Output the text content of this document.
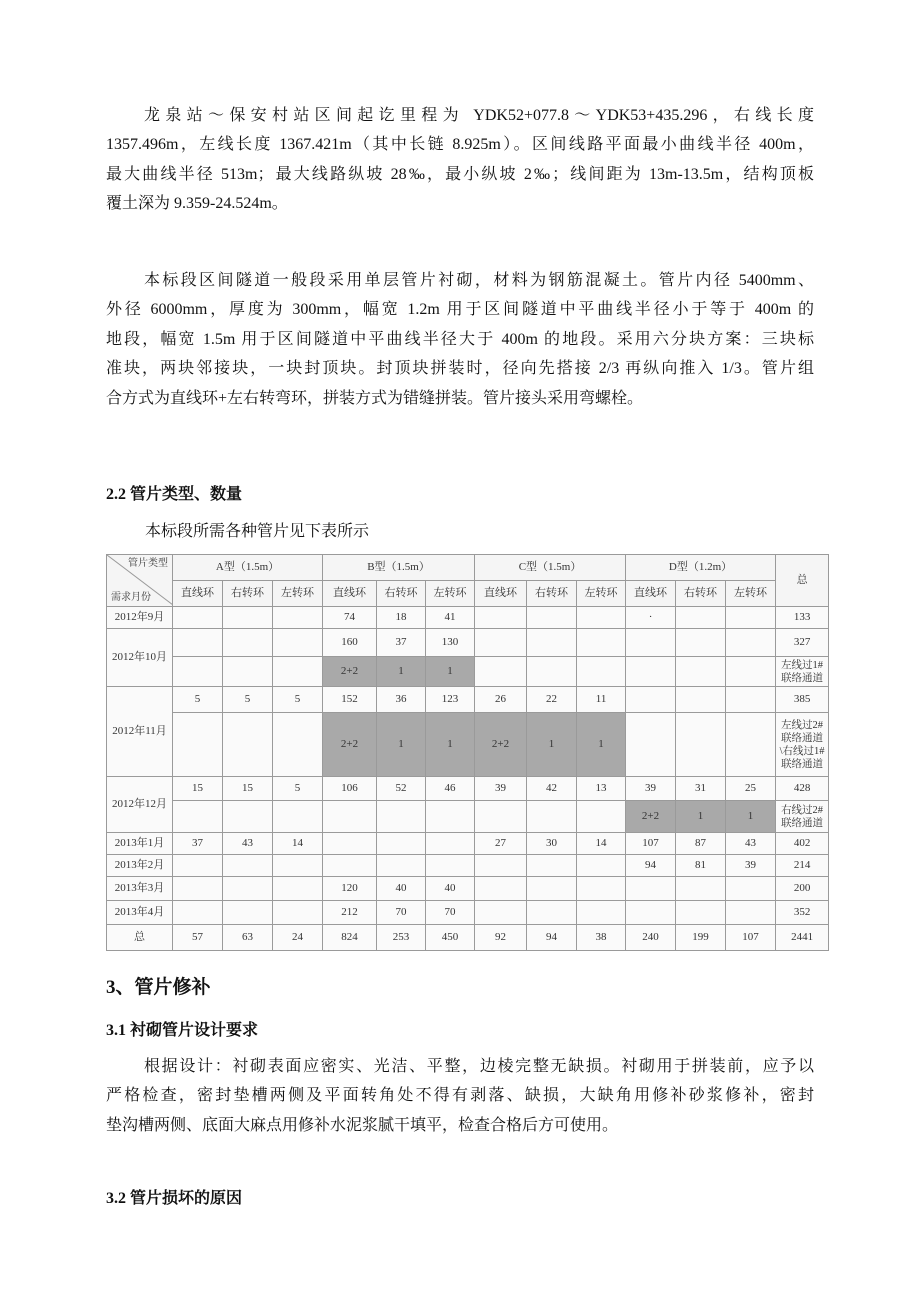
龙泉站～保安村站区间起讫里程为 YDK52+077.8～YDK53+435.296，右线长度
1357.496m，左线长度 1367.421m（其中长链 8.925m）。区间线路平面最小曲线半径 400m，
最大曲线半径 513m；最大线路纵坡 28‰，最小纵坡 2‰；线间距为 13m-13.5m，结构顶板
覆土深为 9.359-24.524m。
本标段区间隧道一般段采用单层管片衬砌，材料为钢筋混凝土。管片内径 5400mm、
外径 6000mm，厚度为 300mm，幅宽 1.2m 用于区间隧道中平曲线半径小于等于 400m 的
地段，幅宽 1.5m 用于区间隧道中平曲线半径大于 400m 的地段。采用六分块方案：三块标
准块，两块邻接块，一块封顶块。封顶块拼装时，径向先搭接 2/3 再纵向推入 1/3。管片组
合方式为直线环+左右转弯环，拼装方式为错缝拼装。管片接头采用弯螺栓。

2.2 管片类型、数量

本标段所需各种管片见下表所示

管片类型
需求月份	A型（1.5m）			B型（1.5m）			C型（1.5m）			D型（1.2m）			总
	直线环	右转环	左转环	直线环	右转环	左转环	直线环	右转环	左转环	直线环	右转环	左转环	
2012年9月				74	18	41				·			133
2012年10月				160	37	130							327
				2+2	1	1							左线过1#联络通道
2012年11月	5	5	5	152	36	123	26	22	11				385
				2+2	1	1	2+2	1	1				左线过2#联络通道\右线过1#联络通道
2012年12月	15	15	5	106	52	46	39	42	13	39	31	25	428
										2+2	1	1	右线过2#联络通道
2013年1月	37	43	14				27	30	14	107	87	43	402
2013年2月										94	81	39	214
2013年3月				120	40	40							200
2013年4月				212	70	70							352
总	57	63	24	824	253	450	92	94	38	240	199	107	2441

3、管片修补

3.1 衬砌管片设计要求

根据设计：衬砌表面应密实、光洁、平整，边棱完整无缺损。衬砌用于拼装前，应予以
严格检查，密封垫槽两侧及平面转角处不得有剥落、缺损，大缺角用修补砂浆修补，密封
垫沟槽两侧、底面大麻点用修补水泥浆腻干填平，检查合格后方可使用。

3.2 管片损坏的原因
